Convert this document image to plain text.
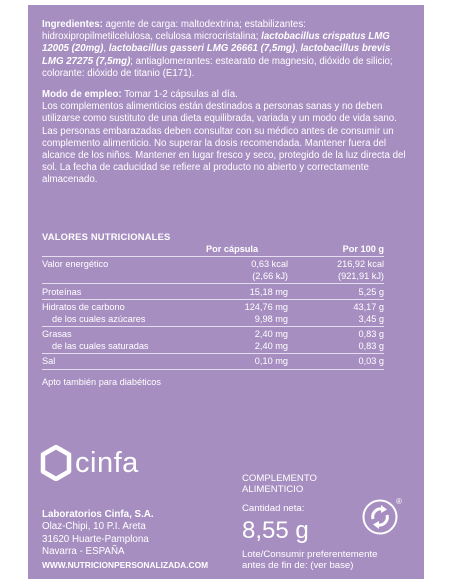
Ingredientes: agente de carga: maltodextrina; estabilizantes: hidroxipropilmetilcelulosa, celulosa microcristalina; lactobacillus crispatus LMG 12005 (20mg), lactobacillus gasseri LMG 26661 (7,5mg), lactobacillus brevis LMG 27275 (7,5mg); antiaglomerantes: estearato de magnesio, dióxido de silicio; colorante: dióxido de titanio (E171).

Modo de empleo: Tomar 1-2 cápsulas al día.

Los complementos alimenticios están destinados a personas sanas y no deben utilizarse como sustituto de una dieta equilibrada, variada y un modo de vida sano. Las personas embarazadas deben consultar con su médico antes de consumir un complemento alimenticio. No superar la dosis recomendada. Mantener fuera del alcance de los niños. Mantener en lugar fresco y seco, protegido de la luz directa del sol. La fecha de caducidad se refiere al producto no abierto y correctamente almacenado.

VALORES NUTRICIONALES
Por cápsula	Por 100 g
Valor energético	0,63 kcal	216,92 kcal
(2,66 kJ)	(921,91 kJ)
Proteínas	15,18 mg	5,25 g
Hidratos de carbono	124,76 mg	43,17 g
de los cuales azúcares	9,98 mg	3,45 g
Grasas	2,40 mg	0,83 g
de las cuales saturadas	2,40 mg	0,83 g
Sal	0,10 mg	0,03 g
Apto también para diabéticos
cinfa
Laboratorios Cinfa, S.A.
Olaz-Chipi, 10 P.I. Areta
31620 Huarte-Pamplona
Navarra - ESPAÑA
WWW.NUTRICIONPERSONALIZADA.COM
COMPLEMENTO
ALIMENTICIO
Cantidad neta:
8,55 g
®
Lote/Consumir preferentemente
antes de fin de: (ver base)
